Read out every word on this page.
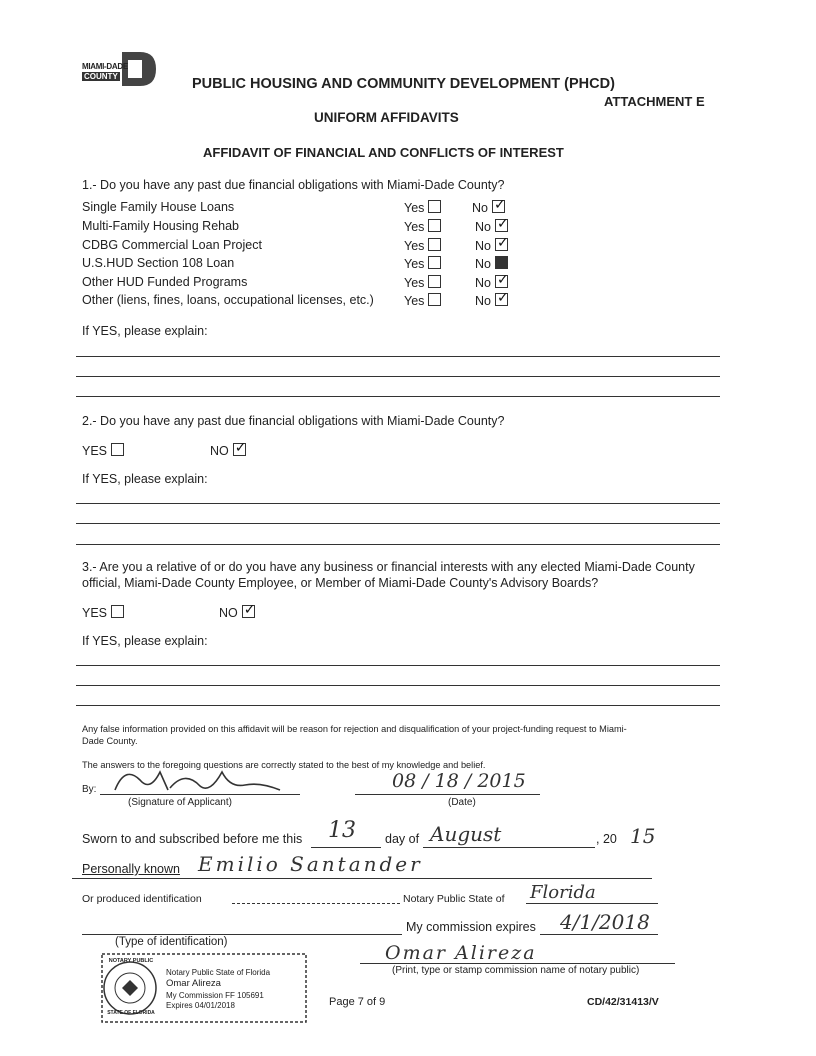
MIAMI-DADE
COUNTY	PUBLIC HOUSING AND COMMUNITY DEVELOPMENT (PHCD)
ATTACHMENT E
UNIFORM AFFIDAVITS
AFFIDAVIT OF FINANCIAL AND CONFLICTS OF INTEREST
1.- Do you have any past due financial obligations with Miami-Dade County?
Single Family House Loans	Yes	No✓
Multi-Family Housing Rehab	Yes	No✓
CDBG Commercial Loan Project	Yes	No✓
U.S.HUD Section 108 Loan	Yes	No
Other HUD Funded Programs	Yes	No✓
Other (liens, fines, loans, occupational licenses, etc.) Yes	No✓
If YES, please explain:
2.- Do you have any past due financial obligations with Miami-Dade County?
YES	NO✓
If YES, please explain:
3.- Are you a relative of or do you have any business or financial interests with any elected Miami-Dade County
official, Miami-Dade County Employee, or Member of Miami-Dade County's Advisory Boards?
YES	NO✓
If YES, please explain:
Any false information provided on this affidavit will be reason for rejection and disqualification of your project-funding request to Miami-
Dade County.
The answers to the foregoing questions are correctly stated to the best of my knowledge and belief.
By:
(Signature of Applicant)
08 / 18 / 2015
(Date)
Sworn to and subscribed before me this 13 day of August	, 20 15
Personally known Emilio Santander
Or produced identification	Notary Public State of Florida
My commission expires 4/1/2018
(Type of identification)	Omar Alireza
(Print, type or stamp commission name of notary public)
NOTARY PUBLIC
STATE OF FLORIDA
Notary Public State of Florida
Omar Alireza
My Commission FF 105691
Expires 04/01/2018	Page 7 of 9	CD/42/31413/V
